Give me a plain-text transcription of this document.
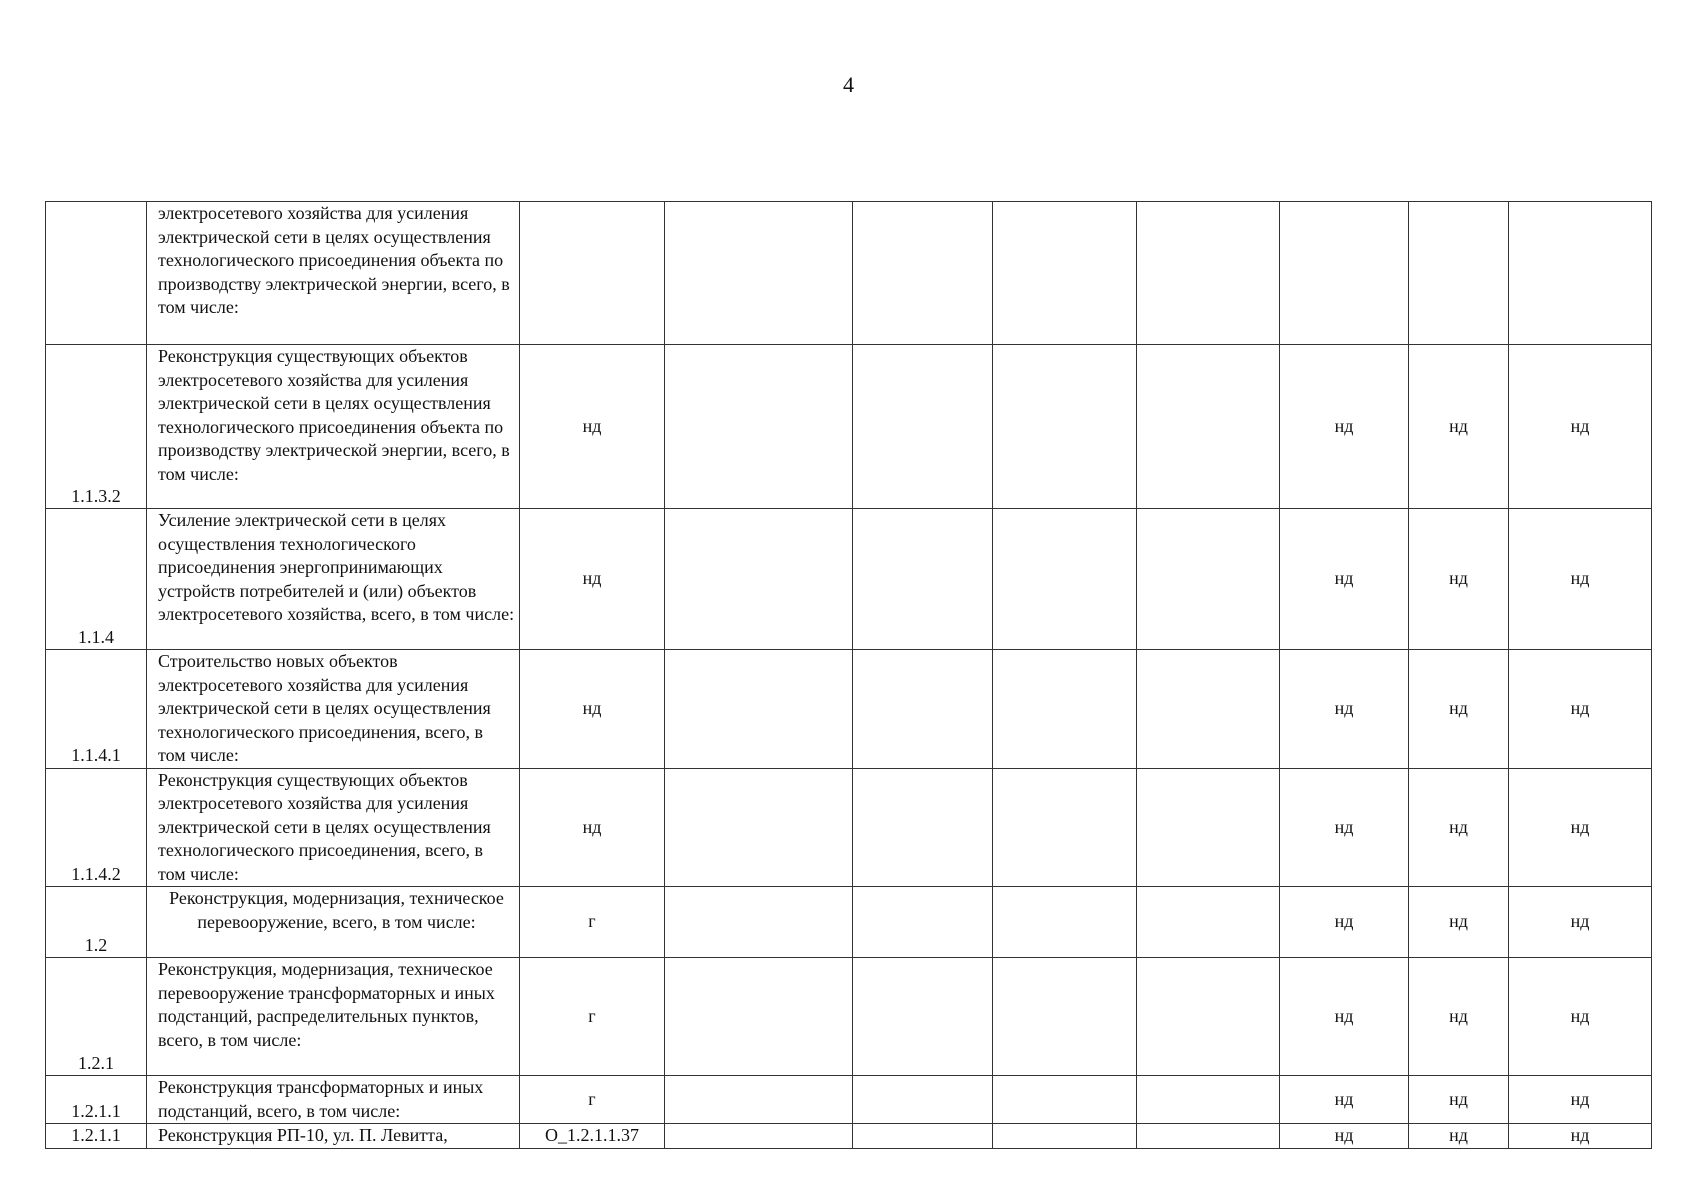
4
	электросетевого хозяйства для усиления электрической сети в целях осуществления технологического присоединения объекта по производству электрической энергии, всего, в том числе:								
1.1.3.2	Реконструкция существующих объектов электросетевого хозяйства для усиления электрической сети в целях осуществления технологического присоединения объекта по производству электрической энергии, всего, в том числе:	нд					нд	нд	нд
1.1.4	Усиление электрической сети в целях осуществления технологического присоединения энергопринимающих устройств потребителей и (или) объектов электросетевого хозяйства, всего, в том числе:	нд					нд	нд	нд
1.1.4.1	Строительство новых объектов электросетевого хозяйства для усиления электрической сети в целях осуществления технологического присоединения, всего, в том числе:	нд					нд	нд	нд
1.1.4.2	Реконструкция существующих объектов электросетевого хозяйства для усиления электрической сети в целях осуществления технологического присоединения, всего, в том числе:	нд					нд	нд	нд
1.2	Реконструкция, модернизация, техническое перевооружение, всего, в том числе:	г					нд	нд	нд
1.2.1	Реконструкция, модернизация, техническое перевооружение трансформаторных и иных подстанций, распределительных пунктов, всего, в том числе:	г					нд	нд	нд
1.2.1.1	Реконструкция трансформаторных и иных подстанций, всего, в том числе:	г					нд	нд	нд
1.2.1.1	Реконструкция РП-10, ул. П. Левитта,	О_1.2.1.1.37					нд	нд	нд
